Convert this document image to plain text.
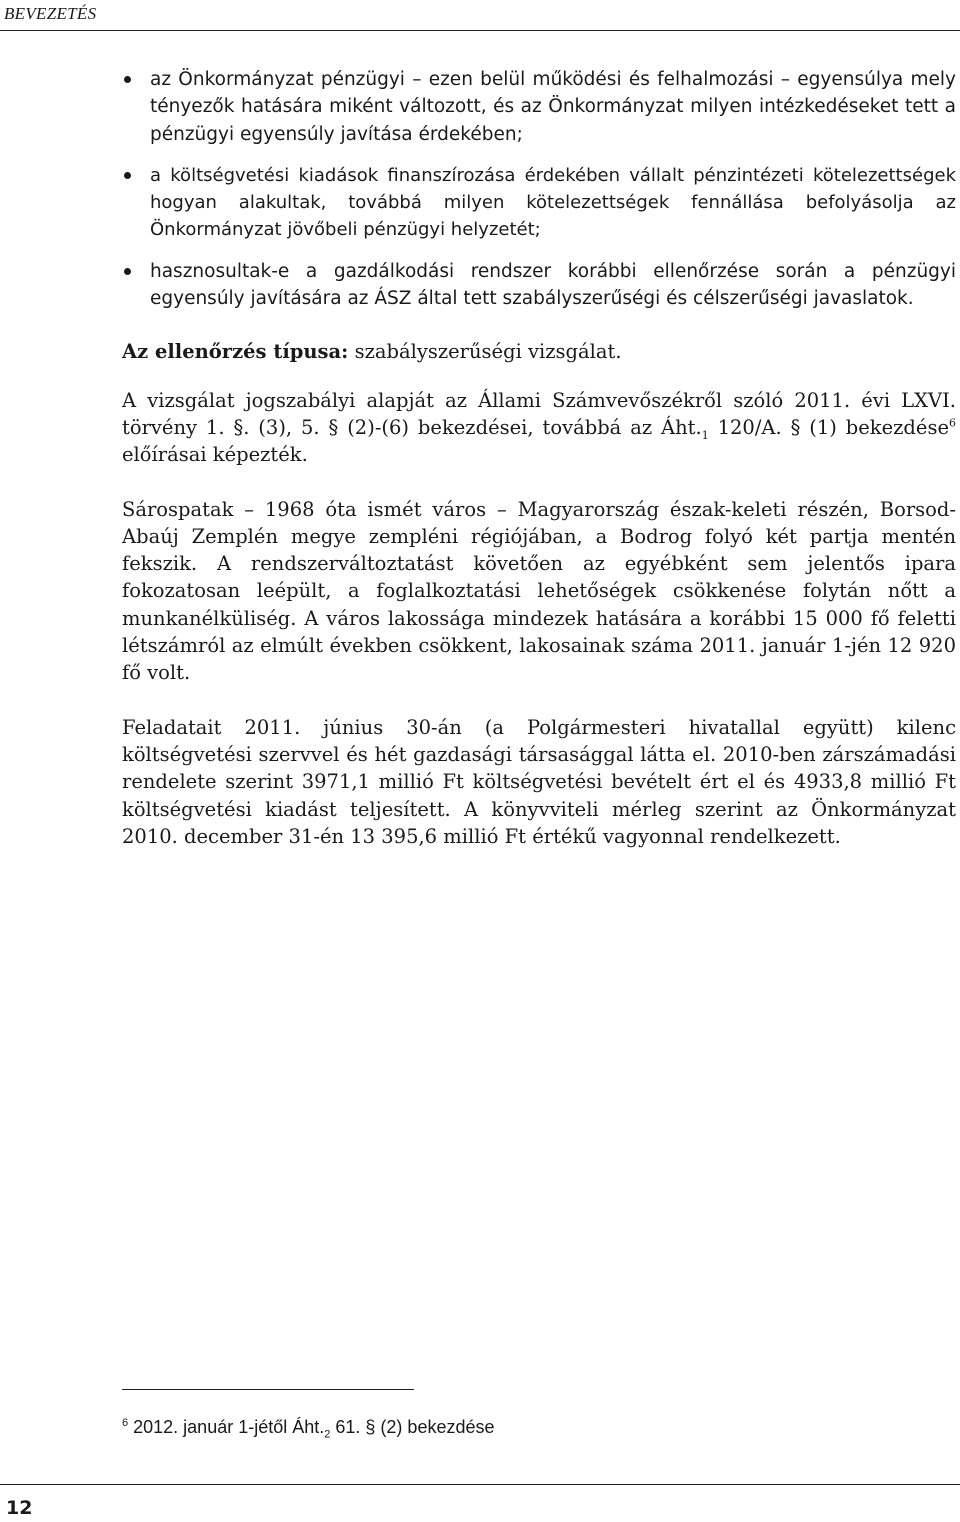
BEVEZETÉS
az Önkormányzat pénzügyi – ezen belül működési és felhalmozási – egyensúlya mely tényezők hatására miként változott, és az Önkormányzat milyen intézkedéseket tett a pénzügyi egyensúly javítása érdekében;
a költségvetési kiadások finanszírozása érdekében vállalt pénzintézeti kötelezettségek hogyan alakultak, továbbá milyen kötelezettségek fennállása befolyásolja az Önkormányzat jövőbeli pénzügyi helyzetét;
hasznosultak-e a gazdálkodási rendszer korábbi ellenőrzése során a pénzügyi egyensúly javítására az ÁSZ által tett szabályszerűségi és célszerűségi javaslatok.

Az ellenőrzés típusa: szabályszerűségi vizsgálat.

A vizsgálat jogszabályi alapját az Állami Számvevőszékről szóló 2011. évi LXVI. törvény 1. §. (3), 5. § (2)-(6) bekezdései, továbbá az $Áht._1$ 120/A. § (1) bekezdése$^6$ előírásai képezték.

Sárospatak – 1968 óta ismét város – Magyarország észak-keleti részén, Borsod-Abaúj Zemplén megye zempléni régiójában, a Bodrog folyó két partja mentén fekszik. A rendszerváltoztatást követően az egyébként sem jelentős ipara fokozatosan leépült, a foglalkoztatási lehetőségek csökkenése folytán nőtt a munkanélküliség. A város lakossága mindezek hatására a korábbi 15 000 fő feletti létszámról az elmúlt években csökkent, lakosainak száma 2011. január 1-jén 12 920 fő volt.

Feladatait 2011. június 30-án (a Polgármesteri hivatallal együtt) kilenc költségvetési szervvel és hét gazdasági társasággal látta el. 2010-ben zárszámadási rendelete szerint 3971,1 millió Ft költségvetési bevételt ért el és 4933,8 millió Ft költségvetési kiadást teljesített. A könyvviteli mérleg szerint az Önkormányzat 2010. december 31-én 13 395,6 millió Ft értékű vagyonnal rendelkezett.

$^6$ 2012. január 1-jétől $Áht._2$ 61. § (2) bekezdése
12
